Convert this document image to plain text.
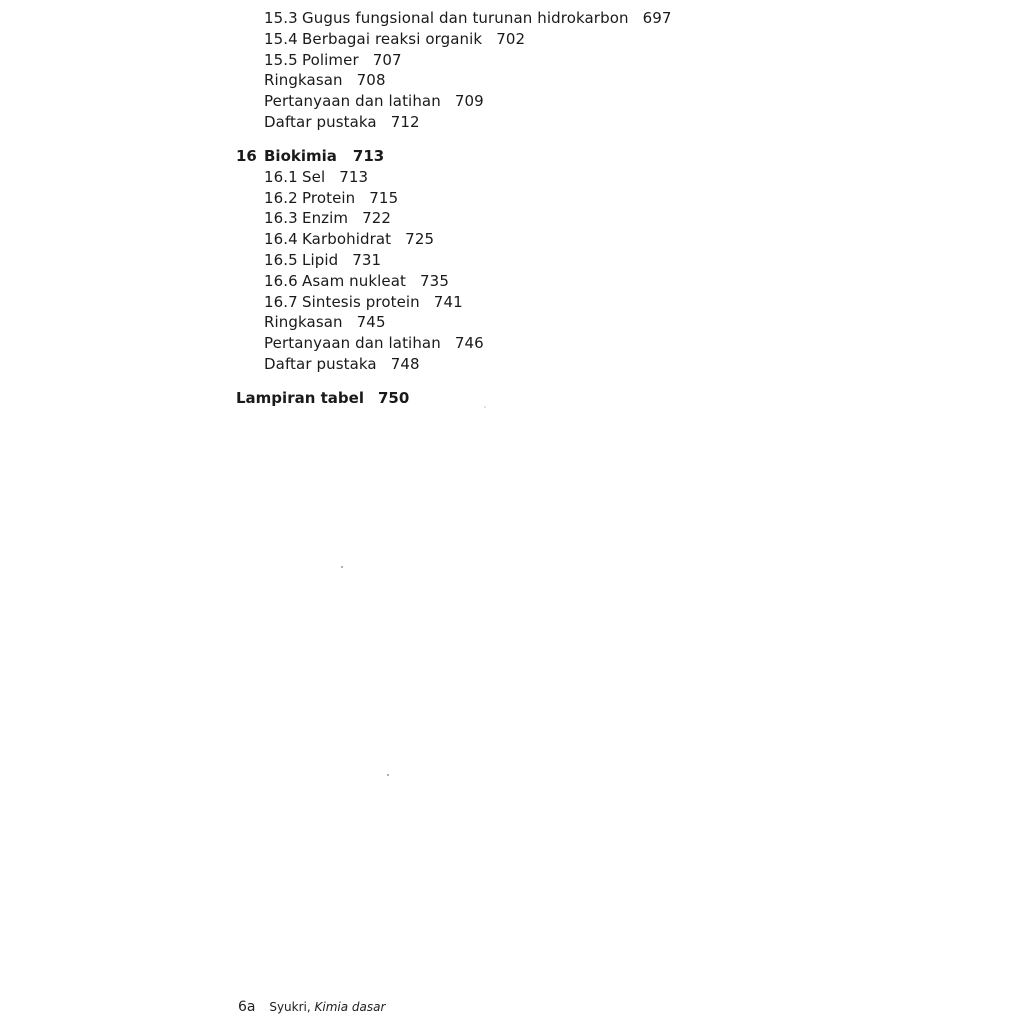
15.3 Gugus fungsional dan turunan hidrokarbon 697
15.4 Berbagai reaksi organik 702
15.5 Polimer 707
Ringkasan 708
Pertanyaan dan latihan 709
Daftar pustaka 712
16 Biokimia 713
16.1 Sel 713
16.2 Protein 715
16.3 Enzim 722
16.4 Karbohidrat 725
16.5 Lipid 731
16.6 Asam nukleat 735
16.7 Sintesis protein 741
Ringkasan 745
Pertanyaan dan latihan 746
Daftar pustaka 748
Lampiran tabel 750
6a Syukri, Kimia dasar
